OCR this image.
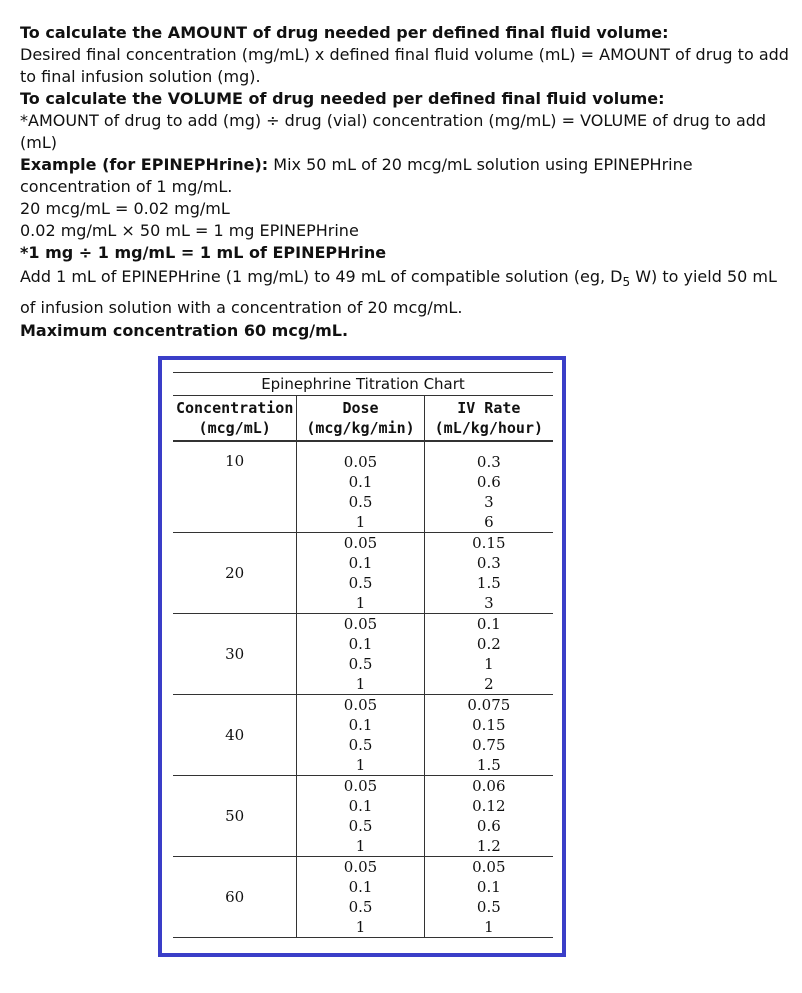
To calculate the AMOUNT of drug needed per defined final fluid volume:

Desired final concentration (mg/mL) x defined final fluid volume (mL) = AMOUNT of drug to add to final infusion solution (mg).

To calculate the VOLUME of drug needed per defined final fluid volume:

*AMOUNT of drug to add (mg) ÷ drug (vial) concentration (mg/mL) = VOLUME of drug to add (mL)

Example (for EPINEPHrine): Mix 50 mL of 20 mcg/mL solution using EPINEPHrine concentration of 1 mg/mL.

20 mcg/mL = 0.02 mg/mL

0.02 mg/mL × 50 mL = 1 mg EPINEPHrine

*1 mg ÷ 1 mg/mL = 1 mL of EPINEPHrine

Add 1 mL of EPINEPHrine (1 mg/mL) to 49 mL of compatible solution (eg, $D_5$ W) to yield 50 mL of infusion solution with a concentration of 20 mcg/mL.

Maximum concentration 60 mcg/mL.

Epinephrine Titration Chart
Concentration
(mcg/mL)
Dose
(mcg/kg/min)
IV Rate
(mL/kg/hour)
10	0.05
0.1
0.5
1
0.3
0.6
3
6
20
0.05
0.1
0.5
1
0.15
0.3
1.5
3
30
0.05
0.1
0.5
1
0.1
0.2
1
2
40
0.05
0.1
0.5
1
0.075
0.15
0.75
1.5
50
0.05
0.1
0.5
1
0.06
0.12
0.6
1.2
60
0.05
0.1
0.5
1
0.05
0.1
0.5
1
